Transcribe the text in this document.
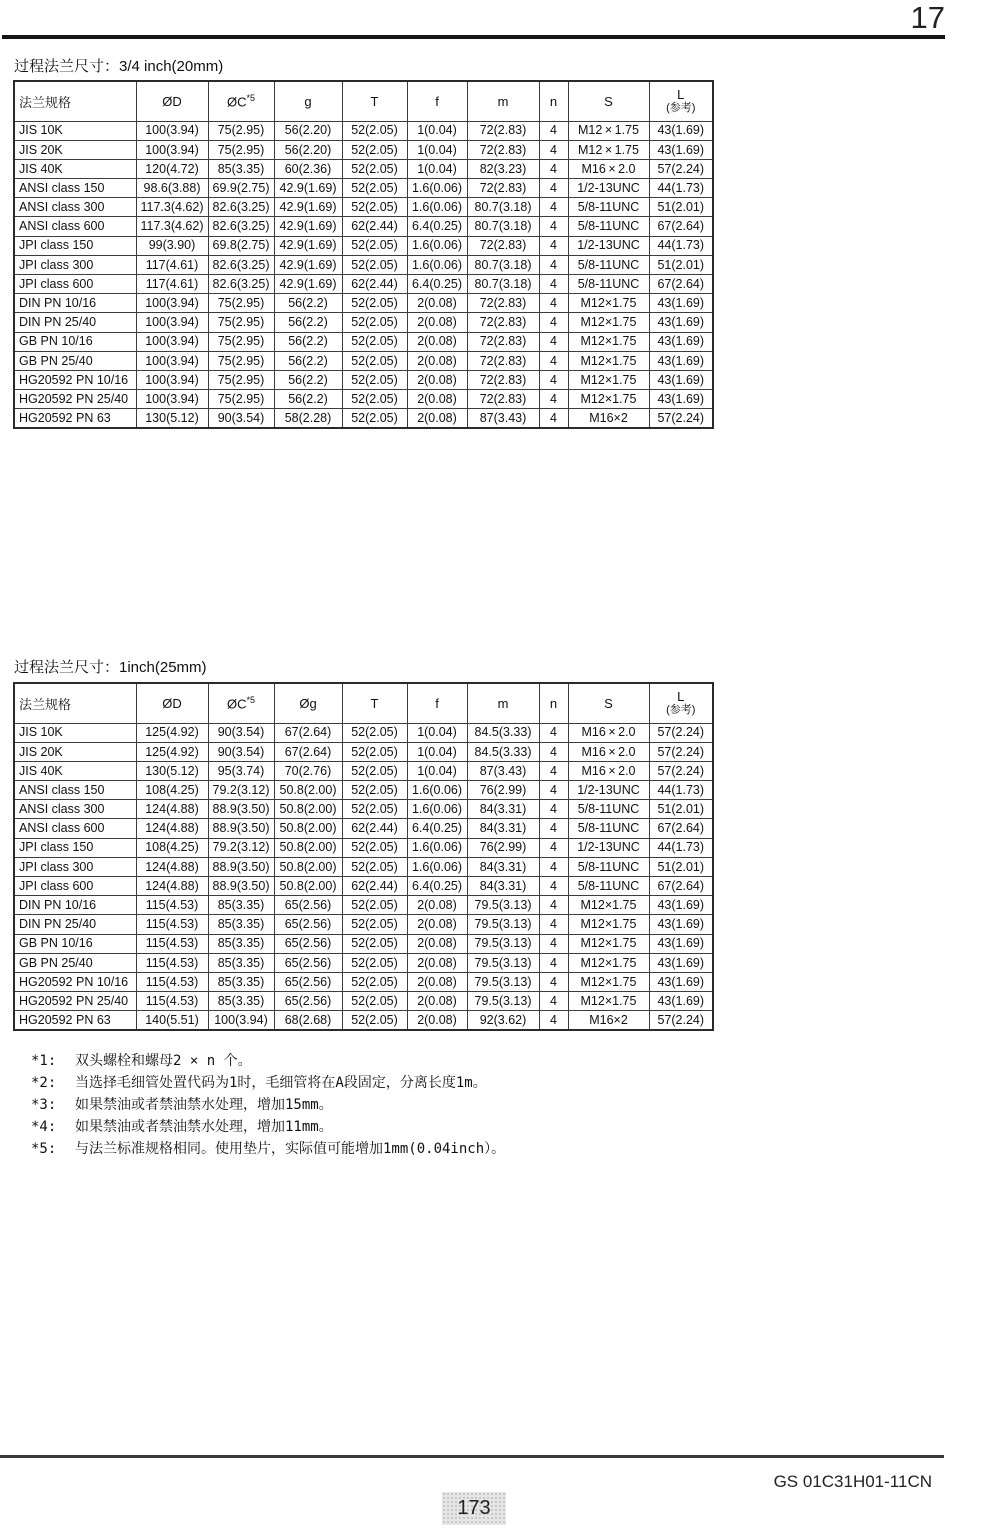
17
过程法兰尺寸：3/4 inch(20mm)
法兰规格	ØD	ØC$^{*5}$	g	T	f	m	n	S	L
(参考)

JIS 10K	100(3.94)	75(2.95)	56(2.20)	52(2.05)	1(0.04)	72(2.83)	4	M12 × 1.75	43(1.69)
JIS 20K	100(3.94)	75(2.95)	56(2.20)	52(2.05)	1(0.04)	72(2.83)	4	M12 × 1.75	43(1.69)
JIS 40K	120(4.72)	85(3.35)	60(2.36)	52(2.05)	1(0.04)	82(3.23)	4	M16 × 2.0	57(2.24)
ANSI class 150	98.6(3.88)	69.9(2.75)	42.9(1.69)	52(2.05)	1.6(0.06)	72(2.83)	4	1/2-13UNC	44(1.73)
ANSI class 300	117.3(4.62)	82.6(3.25)	42.9(1.69)	52(2.05)	1.6(0.06)	80.7(3.18)	4	5/8-11UNC	51(2.01)
ANSI class 600	117.3(4.62)	82.6(3.25)	42.9(1.69)	62(2.44)	6.4(0.25)	80.7(3.18)	4	5/8-11UNC	67(2.64)
JPI class 150	99(3.90)	69.8(2.75)	42.9(1.69)	52(2.05)	1.6(0.06)	72(2.83)	4	1/2-13UNC	44(1.73)
JPI class 300	117(4.61)	82.6(3.25)	42.9(1.69)	52(2.05)	1.6(0.06)	80.7(3.18)	4	5/8-11UNC	51(2.01)
JPI class 600	117(4.61)	82.6(3.25)	42.9(1.69)	62(2.44)	6.4(0.25)	80.7(3.18)	4	5/8-11UNC	67(2.64)
DIN PN 10/16	100(3.94)	75(2.95)	56(2.2)	52(2.05)	2(0.08)	72(2.83)	4	M12×1.75	43(1.69)
DIN PN 25/40	100(3.94)	75(2.95)	56(2.2)	52(2.05)	2(0.08)	72(2.83)	4	M12×1.75	43(1.69)
GB PN 10/16	100(3.94)	75(2.95)	56(2.2)	52(2.05)	2(0.08)	72(2.83)	4	M12×1.75	43(1.69)
GB PN 25/40	100(3.94)	75(2.95)	56(2.2)	52(2.05)	2(0.08)	72(2.83)	4	M12×1.75	43(1.69)
HG20592 PN 10/16	100(3.94)	75(2.95)	56(2.2)	52(2.05)	2(0.08)	72(2.83)	4	M12×1.75	43(1.69)
HG20592 PN 25/40	100(3.94)	75(2.95)	56(2.2)	52(2.05)	2(0.08)	72(2.83)	4	M12×1.75	43(1.69)
HG20592 PN 63	130(5.12)	90(3.54)	58(2.28)	52(2.05)	2(0.08)	87(3.43)	4	M16×2	57(2.24)
过程法兰尺寸：1inch(25mm)
法兰规格	ØD	ØC$^{*5}$	Øg	T	f	m	n	S	L
(参考)

JIS 10K	125(4.92)	90(3.54)	67(2.64)	52(2.05)	1(0.04)	84.5(3.33)	4	M16 × 2.0	57(2.24)
JIS 20K	125(4.92)	90(3.54)	67(2.64)	52(2.05)	1(0.04)	84.5(3.33)	4	M16 × 2.0	57(2.24)
JIS 40K	130(5.12)	95(3.74)	70(2.76)	52(2.05)	1(0.04)	87(3.43)	4	M16 × 2.0	57(2.24)
ANSI class 150	108(4.25)	79.2(3.12)	50.8(2.00)	52(2.05)	1.6(0.06)	76(2.99)	4	1/2-13UNC	44(1.73)
ANSI class 300	124(4.88)	88.9(3.50)	50.8(2.00)	52(2.05)	1.6(0.06)	84(3.31)	4	5/8-11UNC	51(2.01)
ANSI class 600	124(4.88)	88.9(3.50)	50.8(2.00)	62(2.44)	6.4(0.25)	84(3.31)	4	5/8-11UNC	67(2.64)
JPI class 150	108(4.25)	79.2(3.12)	50.8(2.00)	52(2.05)	1.6(0.06)	76(2.99)	4	1/2-13UNC	44(1.73)
JPI class 300	124(4.88)	88.9(3.50)	50.8(2.00)	52(2.05)	1.6(0.06)	84(3.31)	4	5/8-11UNC	51(2.01)
JPI class 600	124(4.88)	88.9(3.50)	50.8(2.00)	62(2.44)	6.4(0.25)	84(3.31)	4	5/8-11UNC	67(2.64)
DIN PN 10/16	115(4.53)	85(3.35)	65(2.56)	52(2.05)	2(0.08)	79.5(3.13)	4	M12×1.75	43(1.69)
DIN PN 25/40	115(4.53)	85(3.35)	65(2.56)	52(2.05)	2(0.08)	79.5(3.13)	4	M12×1.75	43(1.69)
GB PN 10/16	115(4.53)	85(3.35)	65(2.56)	52(2.05)	2(0.08)	79.5(3.13)	4	M12×1.75	43(1.69)
GB PN 25/40	115(4.53)	85(3.35)	65(2.56)	52(2.05)	2(0.08)	79.5(3.13)	4	M12×1.75	43(1.69)
HG20592 PN 10/16	115(4.53)	85(3.35)	65(2.56)	52(2.05)	2(0.08)	79.5(3.13)	4	M12×1.75	43(1.69)
HG20592 PN 25/40	115(4.53)	85(3.35)	65(2.56)	52(2.05)	2(0.08)	79.5(3.13)	4	M12×1.75	43(1.69)
HG20592 PN 63	140(5.51)	100(3.94)	68(2.68)	52(2.05)	2(0.08)	92(3.62)	4	M16×2	57(2.24)
*1:	双头螺栓和螺母2 × n 个。
*2:	当选择毛细管处置代码为1时，毛细管将在A段固定，分离长度1m。
*3:	如果禁油或者禁油禁水处理，增加15mm。
*4:	如果禁油或者禁油禁水处理，增加11mm。
*5:	与法兰标准规格相同。使用垫片，实际值可能增加1mm(0.04inch）。
GS 01C31H01-11CN
173
